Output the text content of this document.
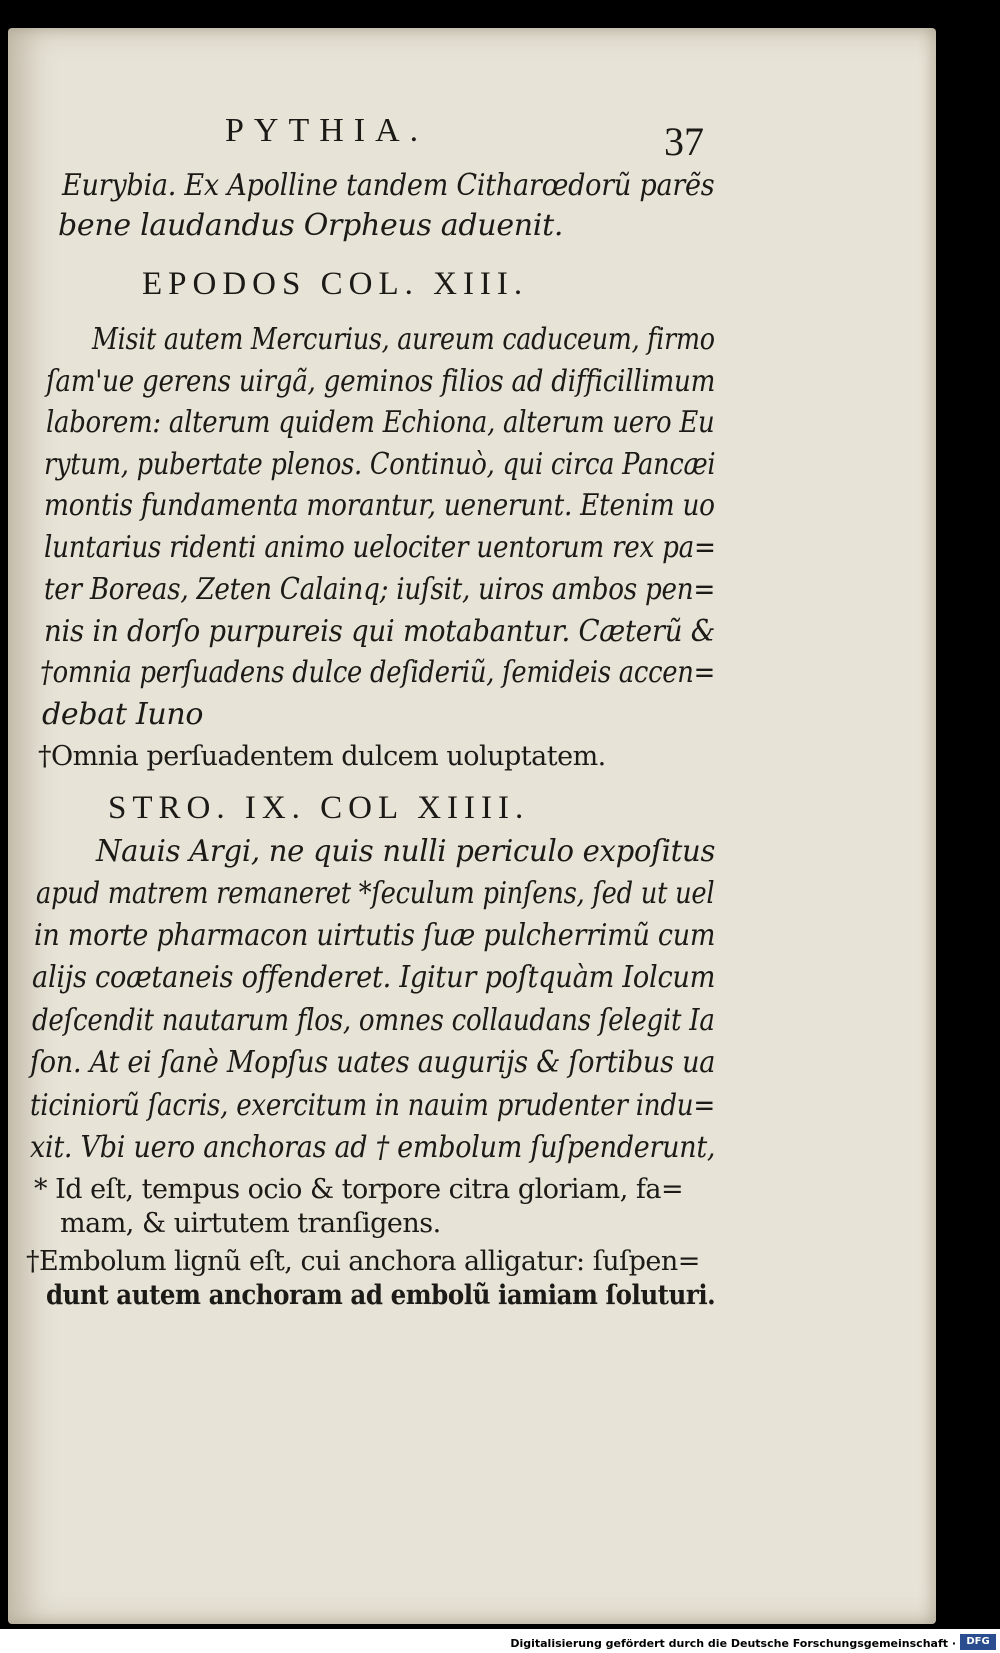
PYTHIA.	37
Eurybia. Ex Apolline tandem Citharœdorũ parẽs
bene laudandus Orpheus aduenit.
EPODOS COL. XIII.
Misit autem Mercurius, aureum caduceum, firmo
ſam'ue gerens uirgã, geminos filios ad difficillimum
laborem: alterum quidem Echiona, alterum uero Eu
rytum, pubertate plenos. Continuò, qui circa Pancæi
montis fundamenta morantur, uenerunt. Etenim uo
luntarius ridenti animo uelociter uentorum rex pa=
ter Boreas, Zeten Calainq; iuſsit, uiros ambos pen=
nis in dorſo purpureis qui motabantur. Cæterũ &
†omnia perſuadens dulce deſideriũ, ſemideis accen=
debat Iuno
†Omnia perſuadentem dulcem uoluptatem.
STRO. IX. COL XIIII.
Nauis Argi, ne quis nulli periculo expoſitus
apud matrem remaneret *ſeculum pinſens, ſed ut uel
in morte pharmacon uirtutis ſuæ pulcherrimũ cum
alijs coætaneis offenderet. Igitur poſtquàm Iolcum
deſcendit nautarum flos, omnes collaudans ſelegit Ia
ſon. At ei ſanè Mopſus uates augurijs & ſortibus ua
ticiniorũ ſacris, exercitum in nauim prudenter indu=
xit. Vbi uero anchoras ad † embolum ſuſpenderunt,
* Id eſt, tempus ocio & torpore citra gloriam, fa=
mam, & uirtutem tranſigens.
†Embolum lignũ eſt, cui anchora alligatur: ſuſpen=
dunt autem anchoram ad embolũ iamiam ſoluturi.
Digitalisierung gefördert durch die Deutsche Forschungsgemeinschaft ·	DFG
